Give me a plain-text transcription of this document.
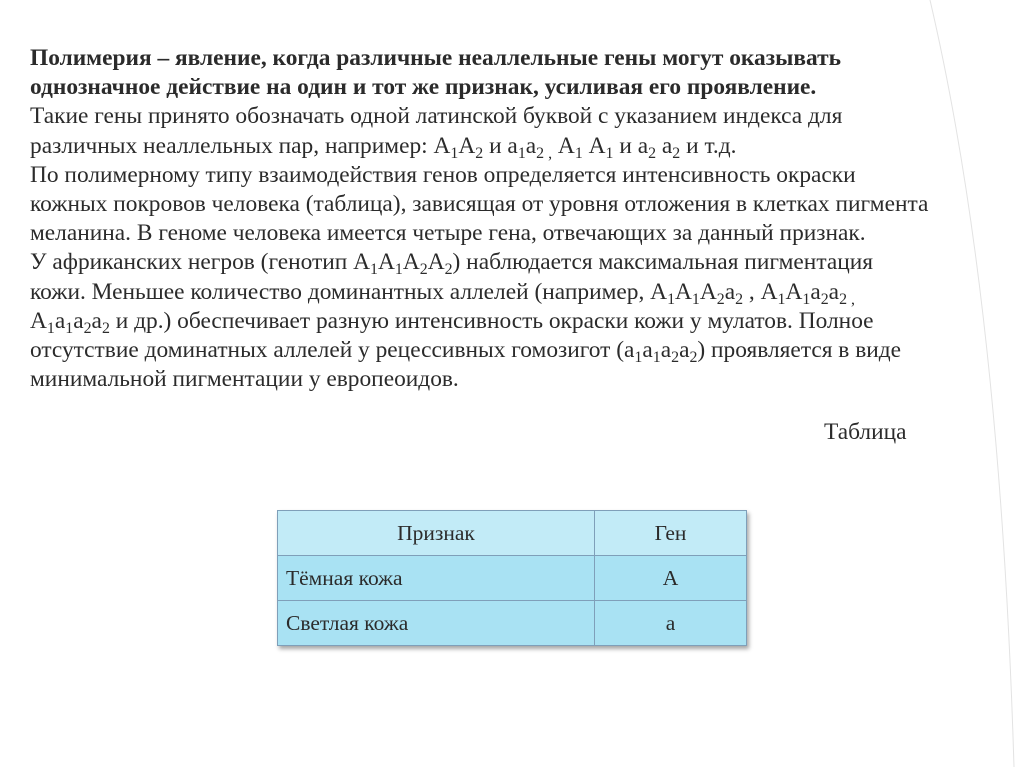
Полимерия – явление, когда различные неаллельные гены могут оказывать
однозначное действие на один и тот же признак, усиливая его проявление.
Такие гены принято обозначать одной латинской буквой с указанием индекса для
различных неаллельных пар, например: $А_1А_2$ и $а_1а_{2 ,}$ $А_1$ $А_1$ и $а_2$ $а_2$ и т.д.
По полимерному типу взаимодействия генов определяется интенсивность окраски
кожных покровов человека (таблица), зависящая от уровня отложения в клетках пигмента
меланина. В геноме человека имеется четыре гена, отвечающих за данный признак.
У африканских негров (генотип $А_1А_1А_2А_2$) наблюдается максимальная пигментация
кожи. Меньшее количество доминантных аллелей (например, $А_1А_1А_2а_2$ , $А_1А_1а_2а_{2 ,}$
$А_1а_1а_2а_2$ и др.) обеспечивает разную интенсивность окраски кожи у мулатов. Полное
отсутствие доминатных аллелей у рецессивных гомозигот $(а_1а_1а_2а_2)$ проявляется в виде
минимальной пигментации у европеоидов.
Таблица
Признак	Ген
Тёмная кожа	А
Светлая кожа	а
